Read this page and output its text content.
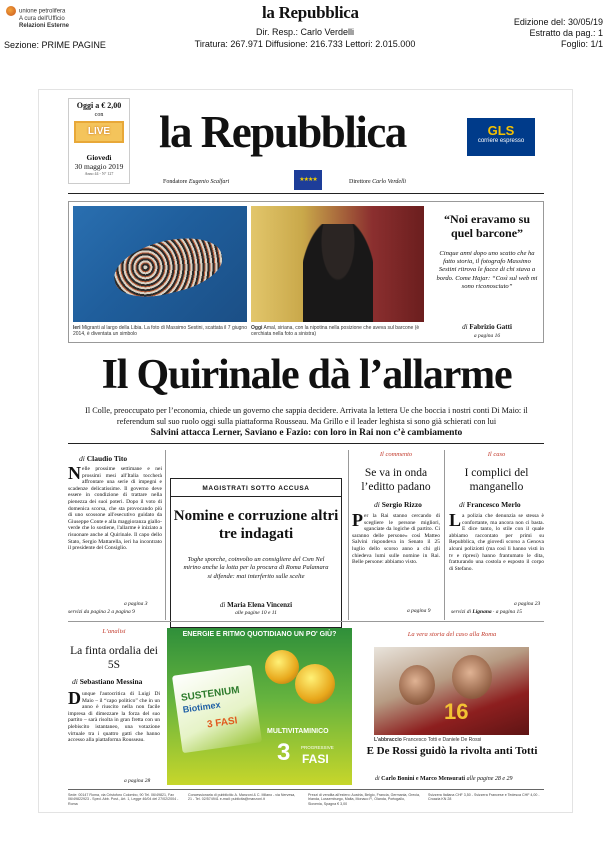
unione petrolifera
A cura dell'Ufficio
Relazioni Esterne
Sezione: PRIME PAGINE
la Repubblica
Dir. Resp.: Carlo Verdelli
Tiratura: 267.971 Diffusione: 216.733 Lettori: 2.015.000
Edizione del: 30/05/19
Estratto da pag.: 1
Foglio: 1/1
Oggi a € 2,00
con
LIVE
Giovedì
30 maggio 2019
Anno 44 - N° 127
la Repubblica
Fondatore Eugenio Scalfari	★★★★	Direttore Carlo Verdelli
GLS
corriere espresso
Ieri Migranti al largo della Libia. La foto di Massimo Sestini, scattata il 7 giugno 2014, è diventata un simbolo
Oggi Amal, siriana, con la nipotina nella posizione che aveva sul barcone (è cerchiata nella foto a sinistra)
“Noi eravamo su quel barcone”
Cinque anni dopo uno scatto che ha fatto storia, il fotografo Massimo Sestini ritrova le facce di chi stava a bordo. Come Hajar: “Così sul web mi sono riconosciuto”
di Fabrizio Gatti
a pagina 16
Il Quirinale dà l’allarme
Il Colle, preoccupato per l’economia, chiede un governo che sappia decidere. Arrivata la lettera Ue che boccia i nostri conti Di Maio: il referendum sul suo ruolo oggi sulla piattaforma Rousseau. Ma Grillo e il leader leghista si sono già schierati con lui
Salvini attacca Lerner, Saviano e Fazio: con loro in Rai non c’è cambiamento
di Claudio Tito
Nelle prossime settimane e nei prossimi mesi all'Italia toccherà affrontare una serie di impegni e scadenze delicatissime. Il governo deve essere in condizione di trattare nella pienezza dei suoi poteri. Dopo il voto di domenica scorsa, che sta provocando più di uno scossone all'esecutivo guidato da Giuseppe Conte e alla maggioranza giallo-verde che lo sostiene, l'allarme è iniziato a risuonare anche al Quirinale. Il capo dello Stato, Sergio Mattarella, ieri ha incontrato il presidente del Consiglio.
a pagina 3
servizi da pagina 2 a pagina 9
MAGISTRATI SOTTO ACCUSA
Nomine e corruzione altri tre indagati
Toghe sporche, coinvolto un consigliere del Csm Nel mirino anche la lotta per la procura di Roma Palamara si difende: mai interferito sulle scelte
di Maria Elena Vincenzi
alle pagine 10 e 11
Il commento
Se va in onda l’editto padano
di Sergio Rizzo
Per la Rai stanno cercando di scegliere le persone migliori, sganciate da logiche di partito. Ci saranno delle persone» così Matteo Salvini rispondeva in Senato il 25 luglio dello scorso anno a chi gli chiedeva lumi sulle nomine in Rai. Belle persone: abbiamo visto.
a pagina 9
Il caso
I complici del manganello
di Francesco Merlo
La polizia che denunzia se stessa è confortante, ma ancora non ci basta. E dice tanto, lo stile con il quale abbiamo raccontato per primi su Repubblica, che giovedì scorso a Genova alcuni poliziotti (ma così li hanno visti in tv e ripresi) hanno frantumato le dita, fratturando una costola e esposto il corpo di Stefano.
a pagina 23
servizi di Lignana · a pagina 15
L’analisi
La finta ordalia dei 5S
di Sebastiano Messina
Dunque l'autocritica di Luigi Di Maio – il “capo politico” che in un anno è riuscito nella non facile impresa di dimezzare la forza del suo partito – sarà risolta in gran fretta con un plebiscito istantaneo, una votazione virtuale tra i quattro gatti che hanno accesso alla piattaforma Rousseau.
a pagina 28
ENERGIE E RITMO QUOTIDIANO UN PO' GIÙ?
SUSTENIUM
Biotimex
3 FASI
MULTIVITAMINICO
3 PROGRESSIVE
FASI
La vera storia del caso alla Roma
16
L’abbraccio Francesco Totti e Daniele De Rossi
E De Rossi guidò la rivolta anti Totti
di Carlo Bonini e Marco Mensurati alle pagine 28 e 29
Sede: 00147 Roma, via Cristoforo Colombo, 90 Tel. 06/49821, Fax 06/49822923 - Sped. Abb. Post., Art. 1, Legge 46/04 del 27/02/2004 - Roma
Concessionaria di pubblicità: A. Manzoni & C. Milano - via Nervesa, 21 - Tel. 02/574941 e-mail: publicita@manzoni.it
Prezzi di vendita all'estero: Austria, Belgio, Francia, Germania, Grecia, Irlanda, Lussemburgo, Malta, Monaco P., Olanda, Portogallo, Slovenia, Spagna € 3,00
Svizzera Italiana CHF 3,50 - Svizzera Francese e Tedesca CHF 4,00 - Croazia KN 28
